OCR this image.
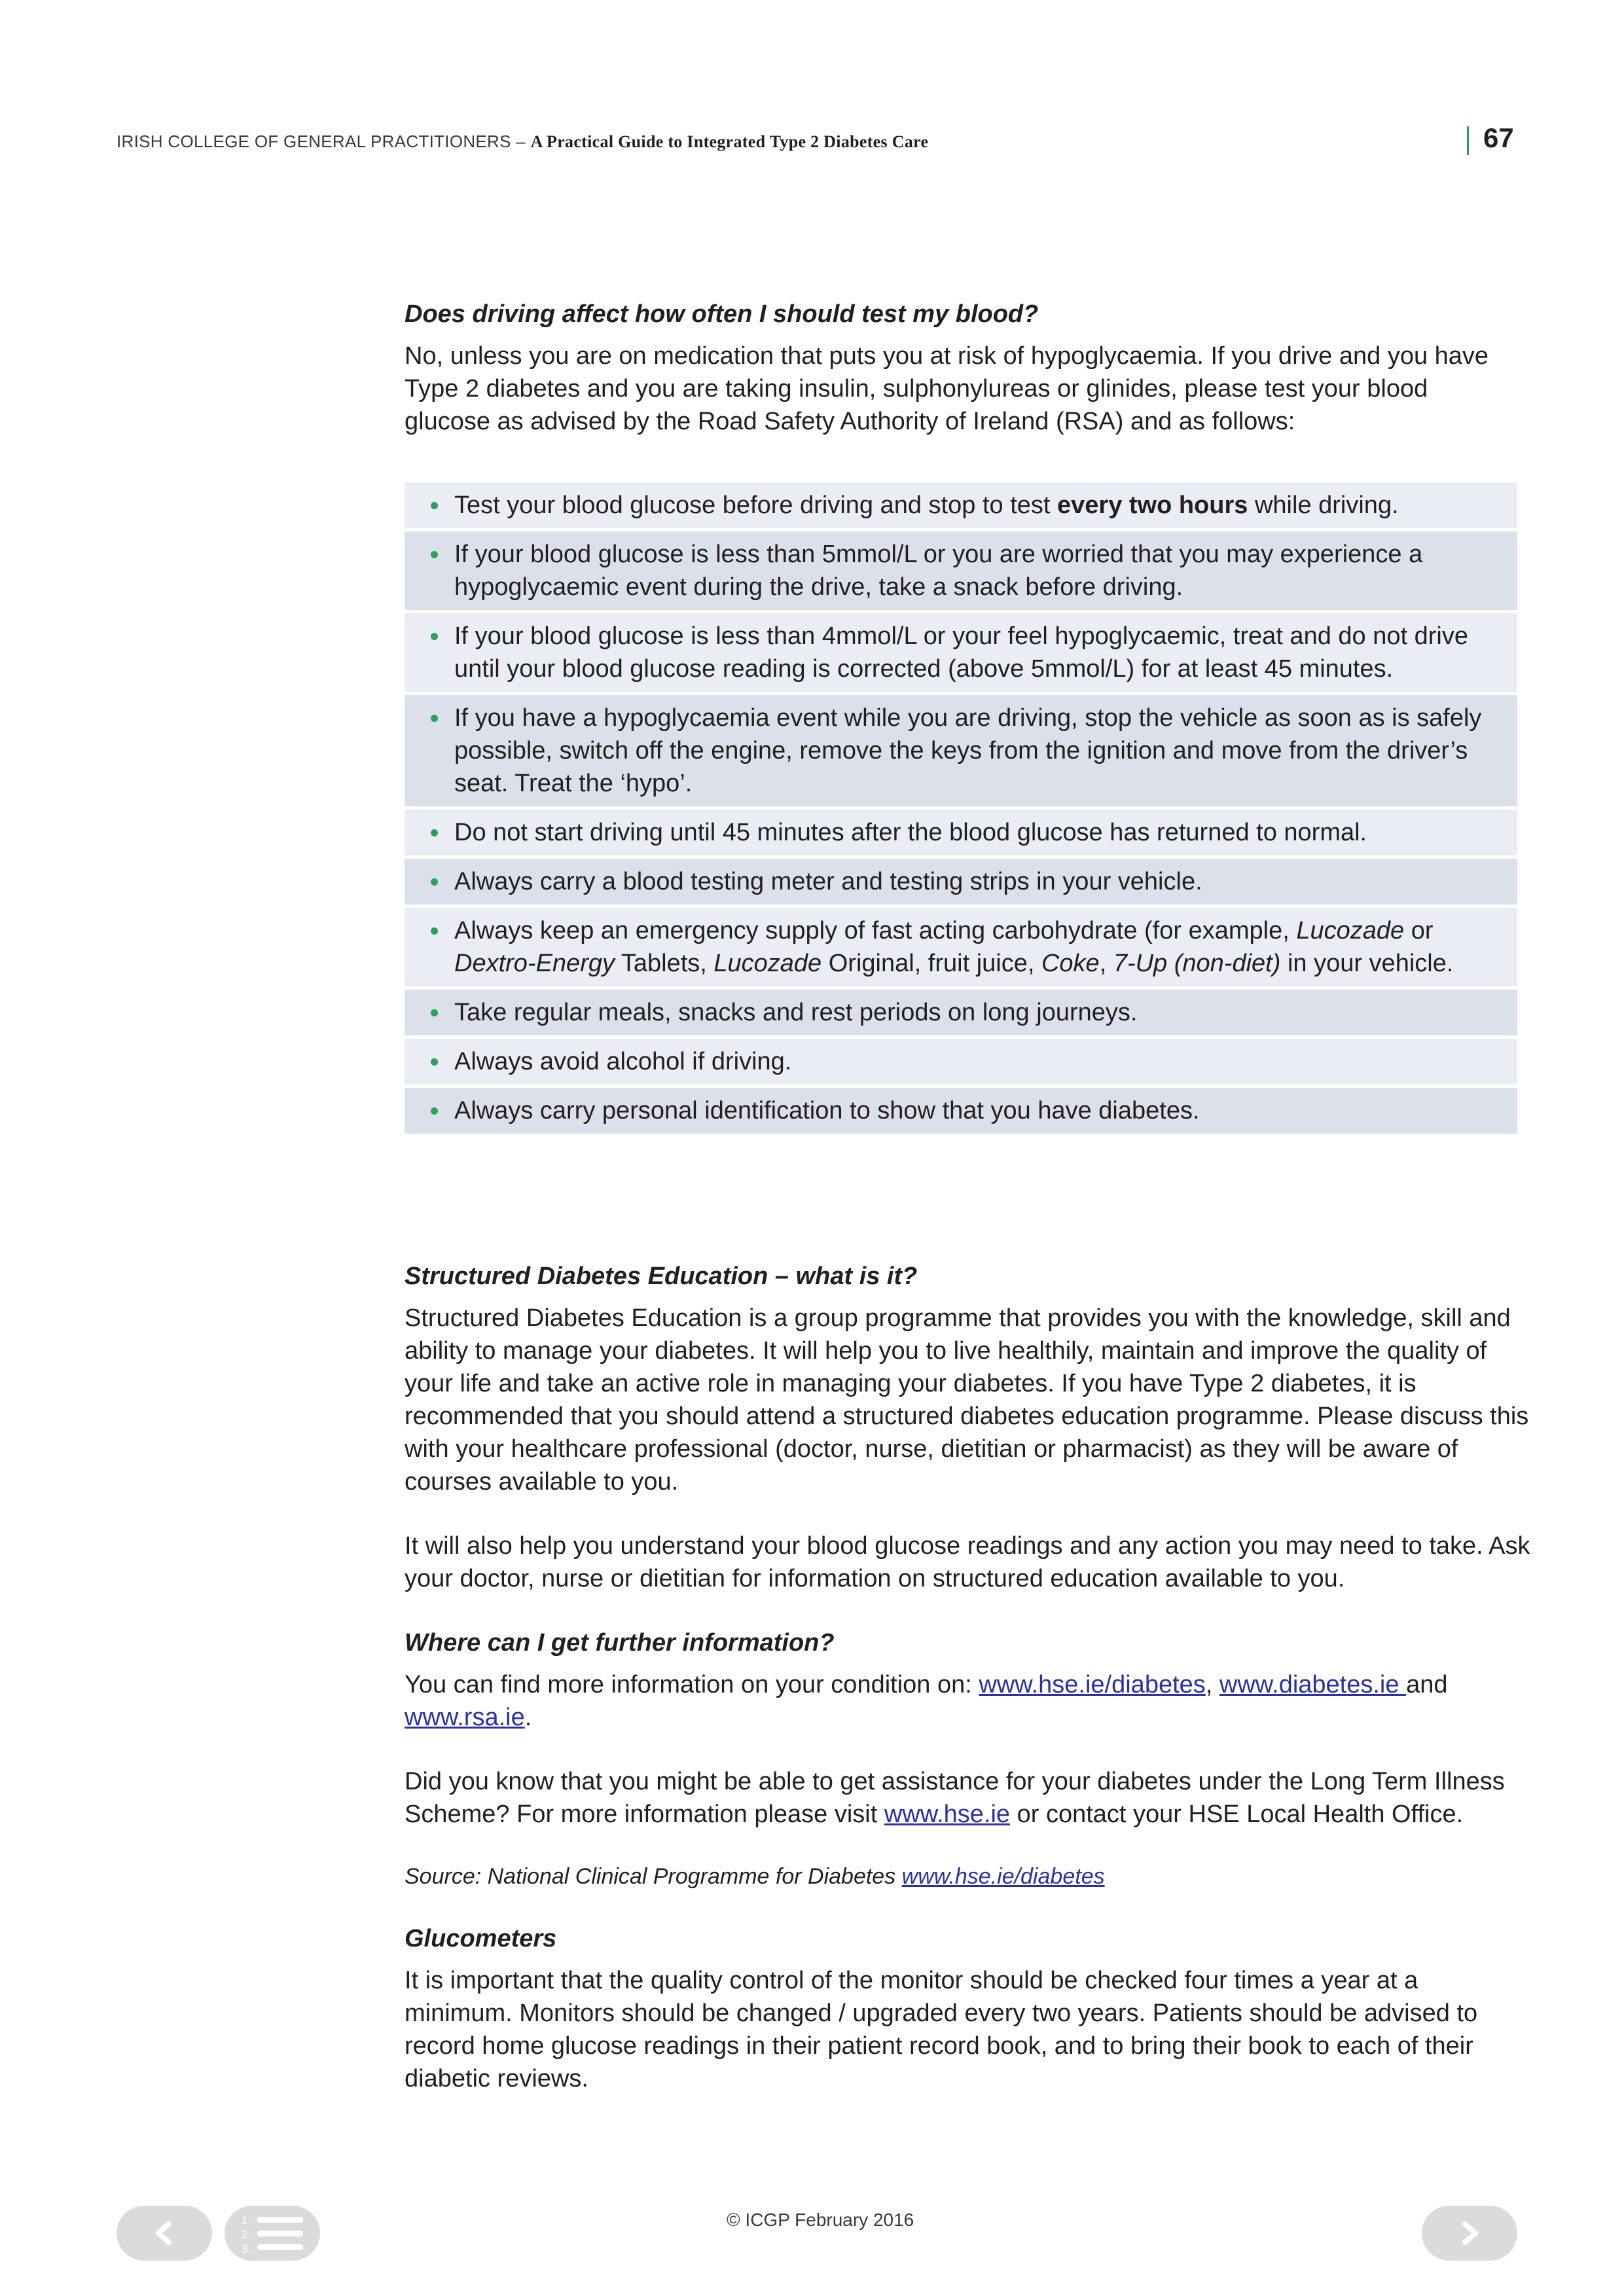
IRISH COLLEGE OF GENERAL PRACTITIONERS – A Practical Guide to Integrated Type 2 Diabetes Care	67

Does driving affect how often I should test my blood?

No, unless you are on medication that puts you at risk of hypoglycaemia. If you drive and you have Type 2 diabetes and you are taking insulin, sulphonylureas or glinides, please test your blood glucose as advised by the Road Safety Authority of Ireland (RSA) and as follows:

Test your blood glucose before driving and stop to test every two hours while driving.
If your blood glucose is less than 5mmol/L or you are worried that you may experience a hypoglycaemic event during the drive, take a snack before driving.
If your blood glucose is less than 4mmol/L or your feel hypoglycaemic, treat and do not drive until your blood glucose reading is corrected (above 5mmol/L) for at least 45 minutes.
If you have a hypoglycaemia event while you are driving, stop the vehicle as soon as is safely possible, switch off the engine, remove the keys from the ignition and move from the driver’s seat. Treat the ‘hypo’.
Do not start driving until 45 minutes after the blood glucose has returned to normal.
Always carry a blood testing meter and testing strips in your vehicle.
Always keep an emergency supply of fast acting carbohydrate (for example, Lucozade or Dextro-Energy Tablets, Lucozade Original, fruit juice, Coke, 7-Up (non-diet) in your vehicle.
Take regular meals, snacks and rest periods on long journeys.
Always avoid alcohol if driving.
Always carry personal identification to show that you have diabetes.

Structured Diabetes Education – what is it?

Structured Diabetes Education is a group programme that provides you with the knowledge, skill and ability to manage your diabetes. It will help you to live healthily, maintain and improve the quality of your life and take an active role in managing your diabetes. If you have Type 2 diabetes, it is recommended that you should attend a structured diabetes education programme. Please discuss this with your healthcare professional (doctor, nurse, dietitian or pharmacist) as they will be aware of courses available to you.

It will also help you understand your blood glucose readings and any action you may need to take. Ask your doctor, nurse or dietitian for information on structured education available to you.

Where can I get further information?

You can find more information on your condition on: www.hse.ie/diabetes, www.diabetes.ie and www.rsa.ie.

Did you know that you might be able to get assistance for your diabetes under the Long Term Illness Scheme? For more information please visit www.hse.ie or contact your HSE Local Health Office.

Source: National Clinical Programme for Diabetes www.hse.ie/diabetes

Glucometers

It is important that the quality control of the monitor should be checked four times a year at a minimum. Monitors should be changed / upgraded every two years. Patients should be advised to record home glucose readings in their patient record book, and to bring their book to each of their diabetic reviews.

© ICGP February 2016
1.
2.
3.
